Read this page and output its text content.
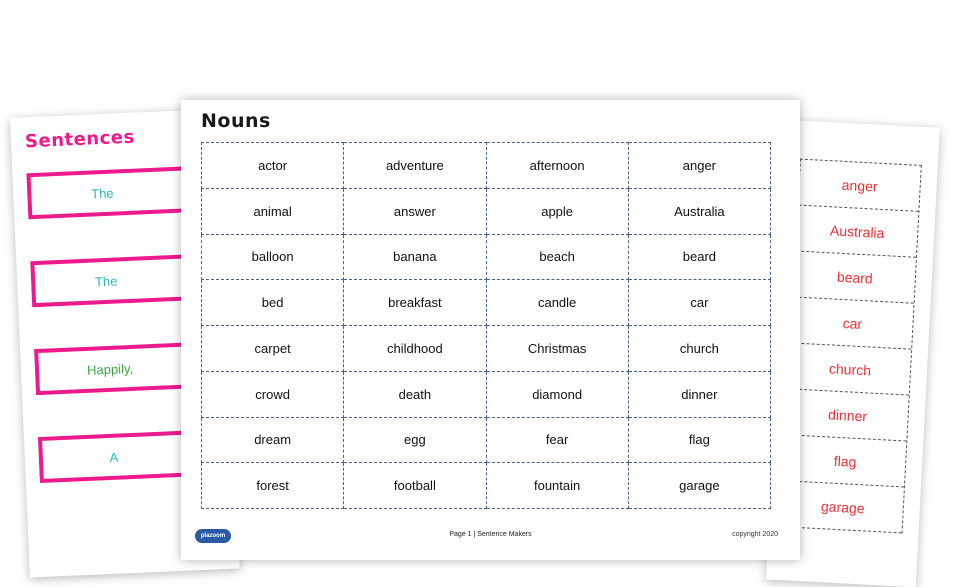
Sentences
The
The
Happily,
A
anger
Australia
beard
car
church
dinner
flag
garage
Nouns
actor	adventure	afternoon	anger
animal	answer	apple	Australia
balloon	banana	beach	beard
bed	breakfast	candle	car
carpet	childhood	Christmas	church
crowd	death	diamond	dinner
dream	egg	fear	flag
forest	football	fountain	garage
plazoom	Page 1 | Sentence Makers	copyright 2020
